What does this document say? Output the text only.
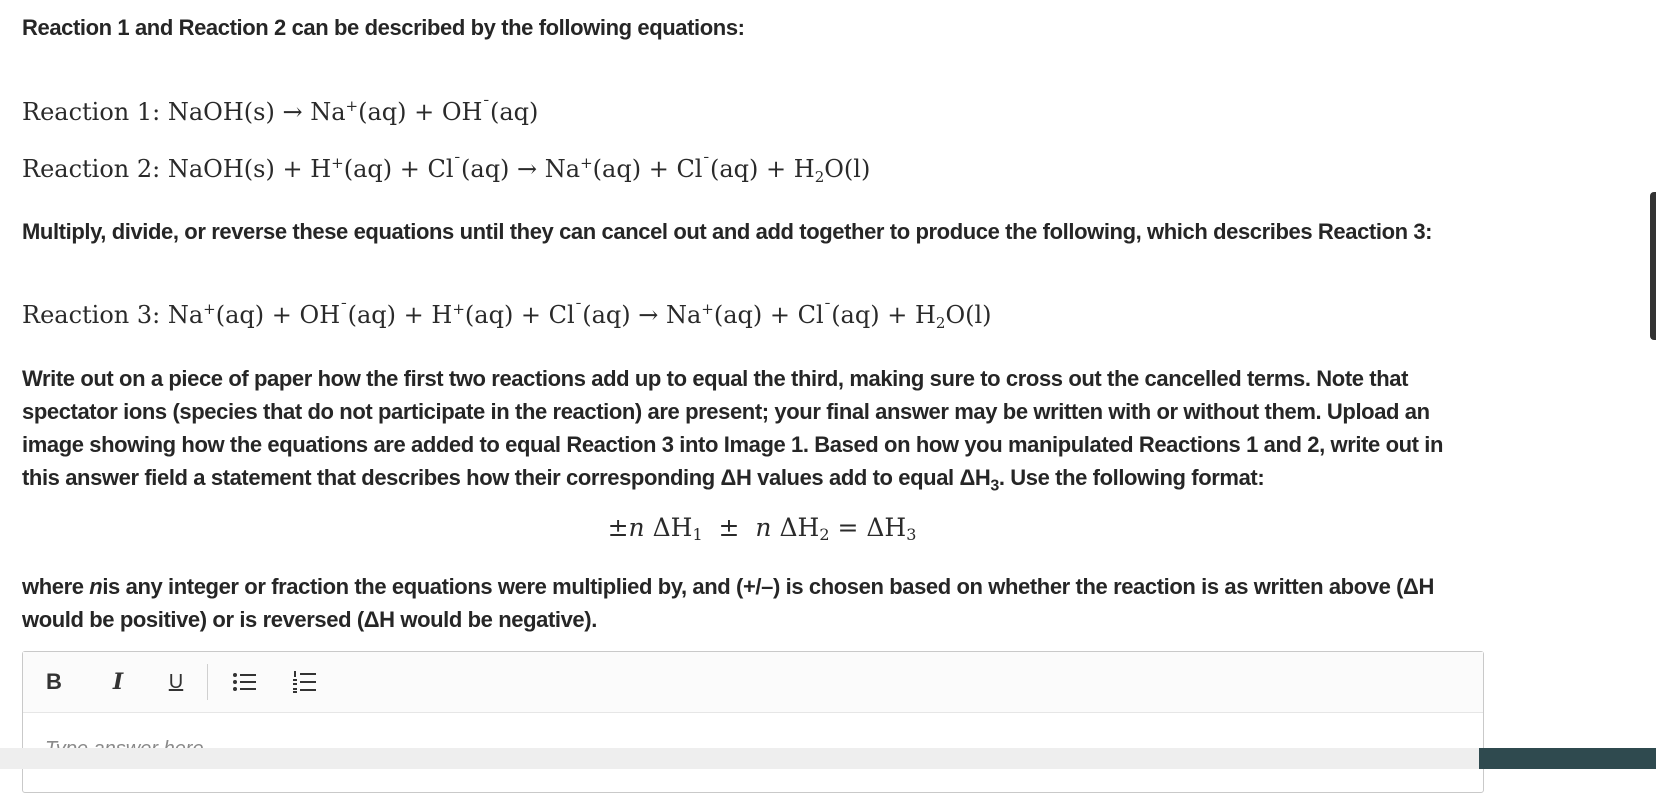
Reaction 1 and Reaction 2 can be described by the following equations:

Reaction 1: NaOH(s) → Na+(aq) + OH¯(aq)
Reaction 2: NaOH(s) + $H^+(aq) + Cl^¯(aq) \to Na^+(aq) + Cl^¯(aq) + H_2O(l)$

Multiply, divide, or reverse these equations until they can cancel out and add together to produce the following, which describes Reaction 3:

Reaction 3: $Na^+(aq) + OH^¯(aq) + H^+(aq) + Cl^¯(aq) \to Na^+(aq) + Cl^¯(aq) + H_2O(l)$

Write out on a piece of paper how the first two reactions add up to equal the third, making sure to cross out the cancelled terms. Note that spectator ions (species that do not participate in the reaction) are present; your final answer may be written with or without them. Upload an image showing how the equations are added to equal Reaction 3 into Image 1. Based on how you manipulated Reactions 1 and 2, write out in this answer field a statement that describes how their corresponding ΔH values add to equal $\Delta H_3$. Use the following format:

±n $\Delta H_1 \pm n$ $\Delta H_2 = \Delta H_3$

where nis any integer or fraction the equations were multiplied by, and (+/–) is chosen based on whether the reaction is as written above (ΔH would be positive) or is reversed (ΔH would be negative).

B	I	U
